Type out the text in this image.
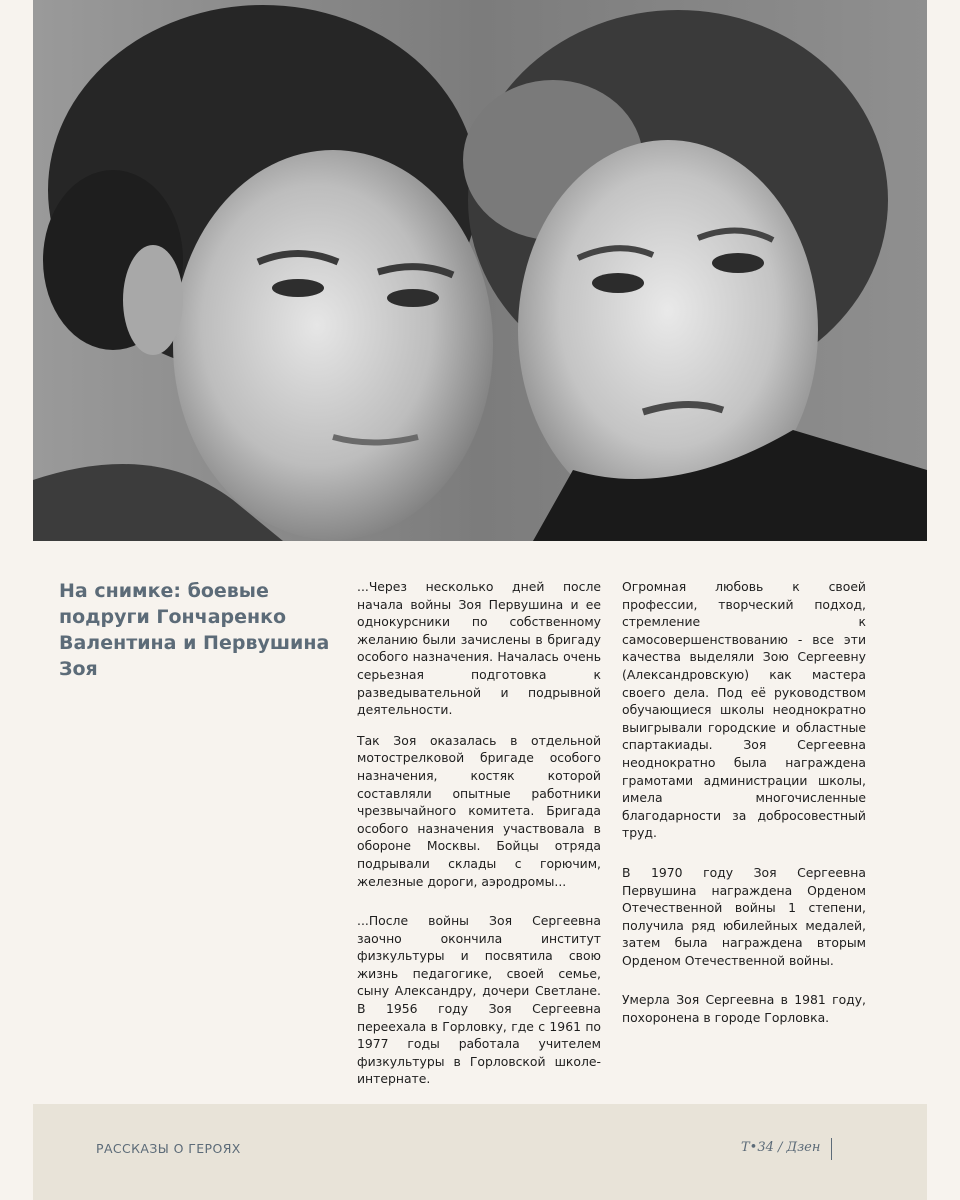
На снимке: боевые подруги Гончаренко Валентина и Первушина Зоя

...Через несколько дней после начала войны Зоя Первушина и ее однокурсники по собственному желанию были зачислены в бригаду особого назначения. Началась очень серьезная подготовка к разведывательной и подрывной деятельности.

Так Зоя оказалась в отдельной мотострелковой бригаде особого назначения, костяк которой составляли опытные работники чрезвычайного комитета. Бригада особого назначения участвовала в обороне Москвы. Бойцы отряда подрывали склады с горючим, железные дороги, аэродромы...

...После войны Зоя Сергеевна заочно окончила институт физкультуры и посвятила свою жизнь педагогике, своей семье, сыну Александру, дочери Светлане. В 1956 году Зоя Сергеевна переехала в Горловку, где с 1961 по 1977 годы работала учителем физкультуры в Горловской школе-интернате.

Огромная любовь к своей профессии, творческий подход, стремление к самосовершенствованию - все эти качества выделяли Зою Сергеевну (Александровскую) как мастера своего дела. Под её руководством обучающиеся школы неоднократно выигрывали городские и областные спартакиады. Зоя Сергеевна неоднократно была награждена грамотами администрации школы, имела многочисленные благодарности за добросовестный труд.

В 1970 году Зоя Сергеевна Первушина награждена Орденом Отечественной войны 1 степени, получила ряд юбилейных медалей, затем была награждена вторым Орденом Отечественной войны.

Умерла Зоя Сергеевна в 1981 году, похоронена в городе Горловка.

РАССКАЗЫ О ГЕРОЯХ	Т•34 / Дзен
